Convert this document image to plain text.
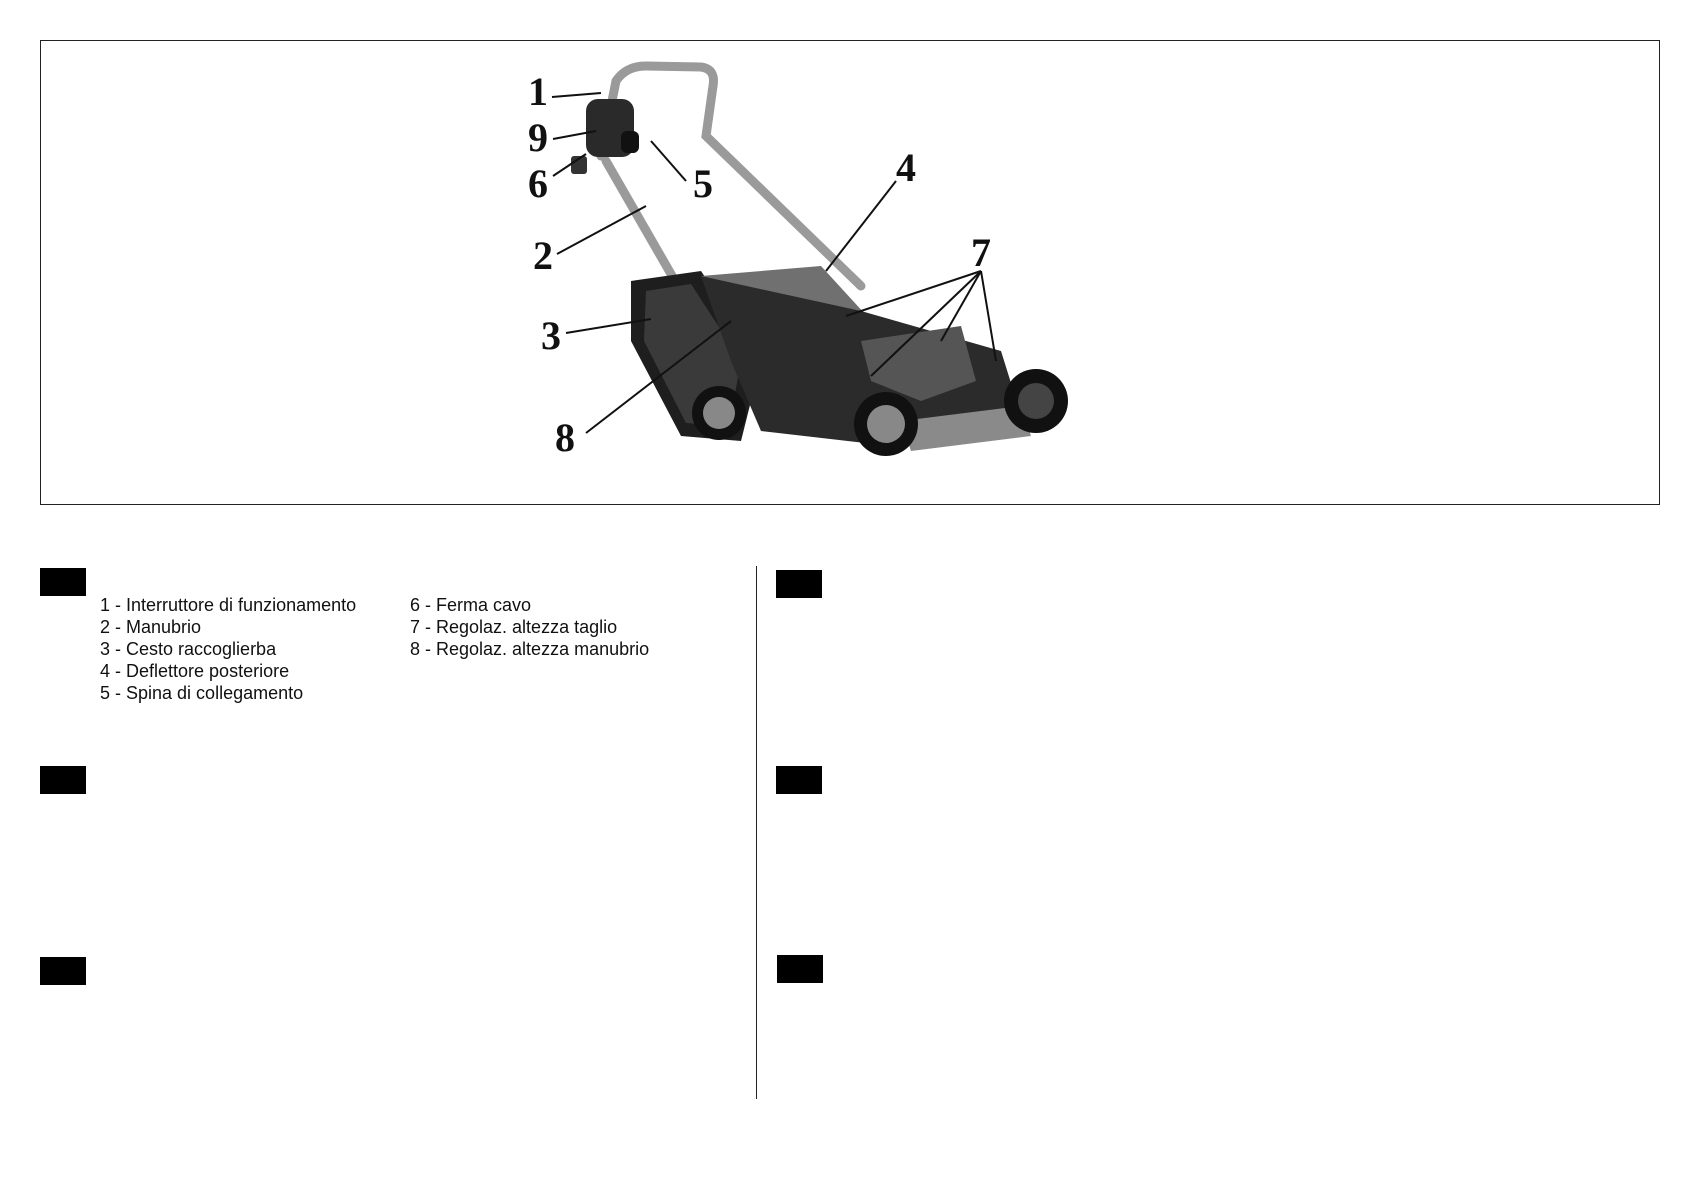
1
9
6
2
3
8
5	4
7
1 - Interruttore di funzionamento
2 - Manubrio
3 - Cesto raccoglierba
4 - Deflettore posteriore
5 - Spina di collegamento
6 - Ferma cavo
7 - Regolaz. altezza taglio
8 - Regolaz. altezza manubrio
